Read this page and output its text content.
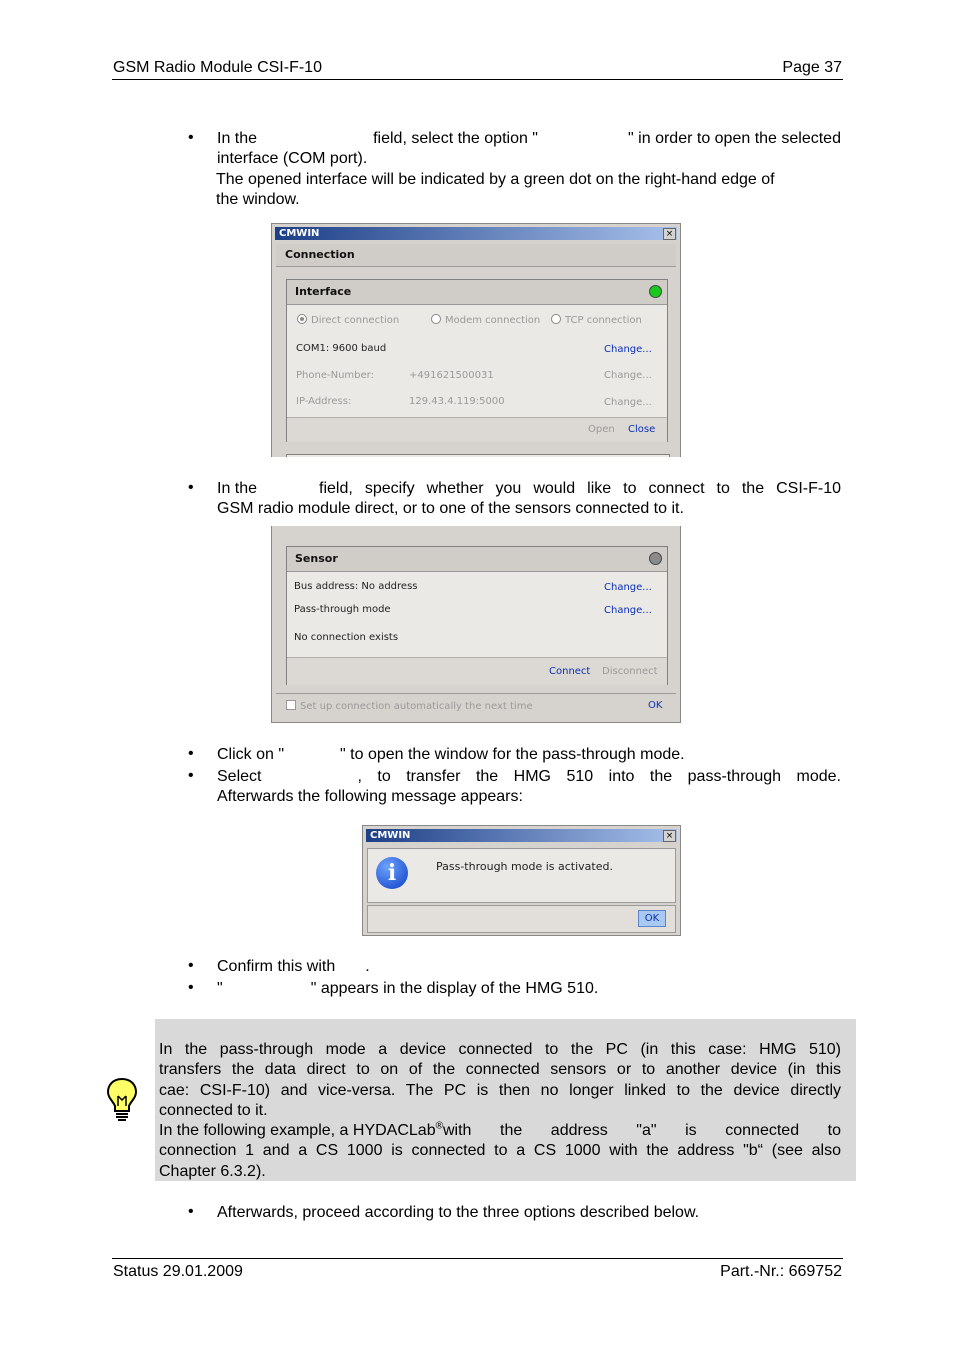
GSM Radio Module CSI-F-10	Page 37
• In the	field, select the option "	" in order to open the selected
interface (COM port).
The opened interface will be indicated by a green dot on the right-hand edge of
the window.
CMWIN	×
Connection
Interface
Direct connection	Modem connection	TCP connection
COM1: 9600 baud	Change...
Phone-Number:	+491621500031	Change...
IP-Address:	129.43.4.119:5000	Change...
Open Close
• In the	field, specify whether you would like to connect to the CSI-F-10
GSM radio module direct, or to one of the sensors connected to it.
Sensor
Bus address: No address	Change...
Pass-through mode	Change...
No connection exists
Connect Disconnect
Set up connection automatically the next time	OK
• Click on "	" to open the window for the pass-through mode.
• Select	, to transfer the HMG 510 into the pass-through mode.
Afterwards the following message appears:
CMWIN	×
i	Pass-through mode is activated.
OK
• Confirm this with .
• "	" appears in the display of the HMG 510.
In the pass-through mode a device connected to the PC (in this case: HMG 510)
transfers the data direct to on of the connected sensors or to another device (in this
cae: CSI-F-10) and vice-versa. The PC is then no longer linked to the device directly
connected to it.
In the following example, a HYDACLab® with the address "a" is connected to
connection 1 and a CS 1000 is connected to a CS 1000 with the address "b“ (see also
Chapter 6.3.2).
• Afterwards, proceed according to the three options described below.
Status 29.01.2009	Part.-Nr.: 669752
